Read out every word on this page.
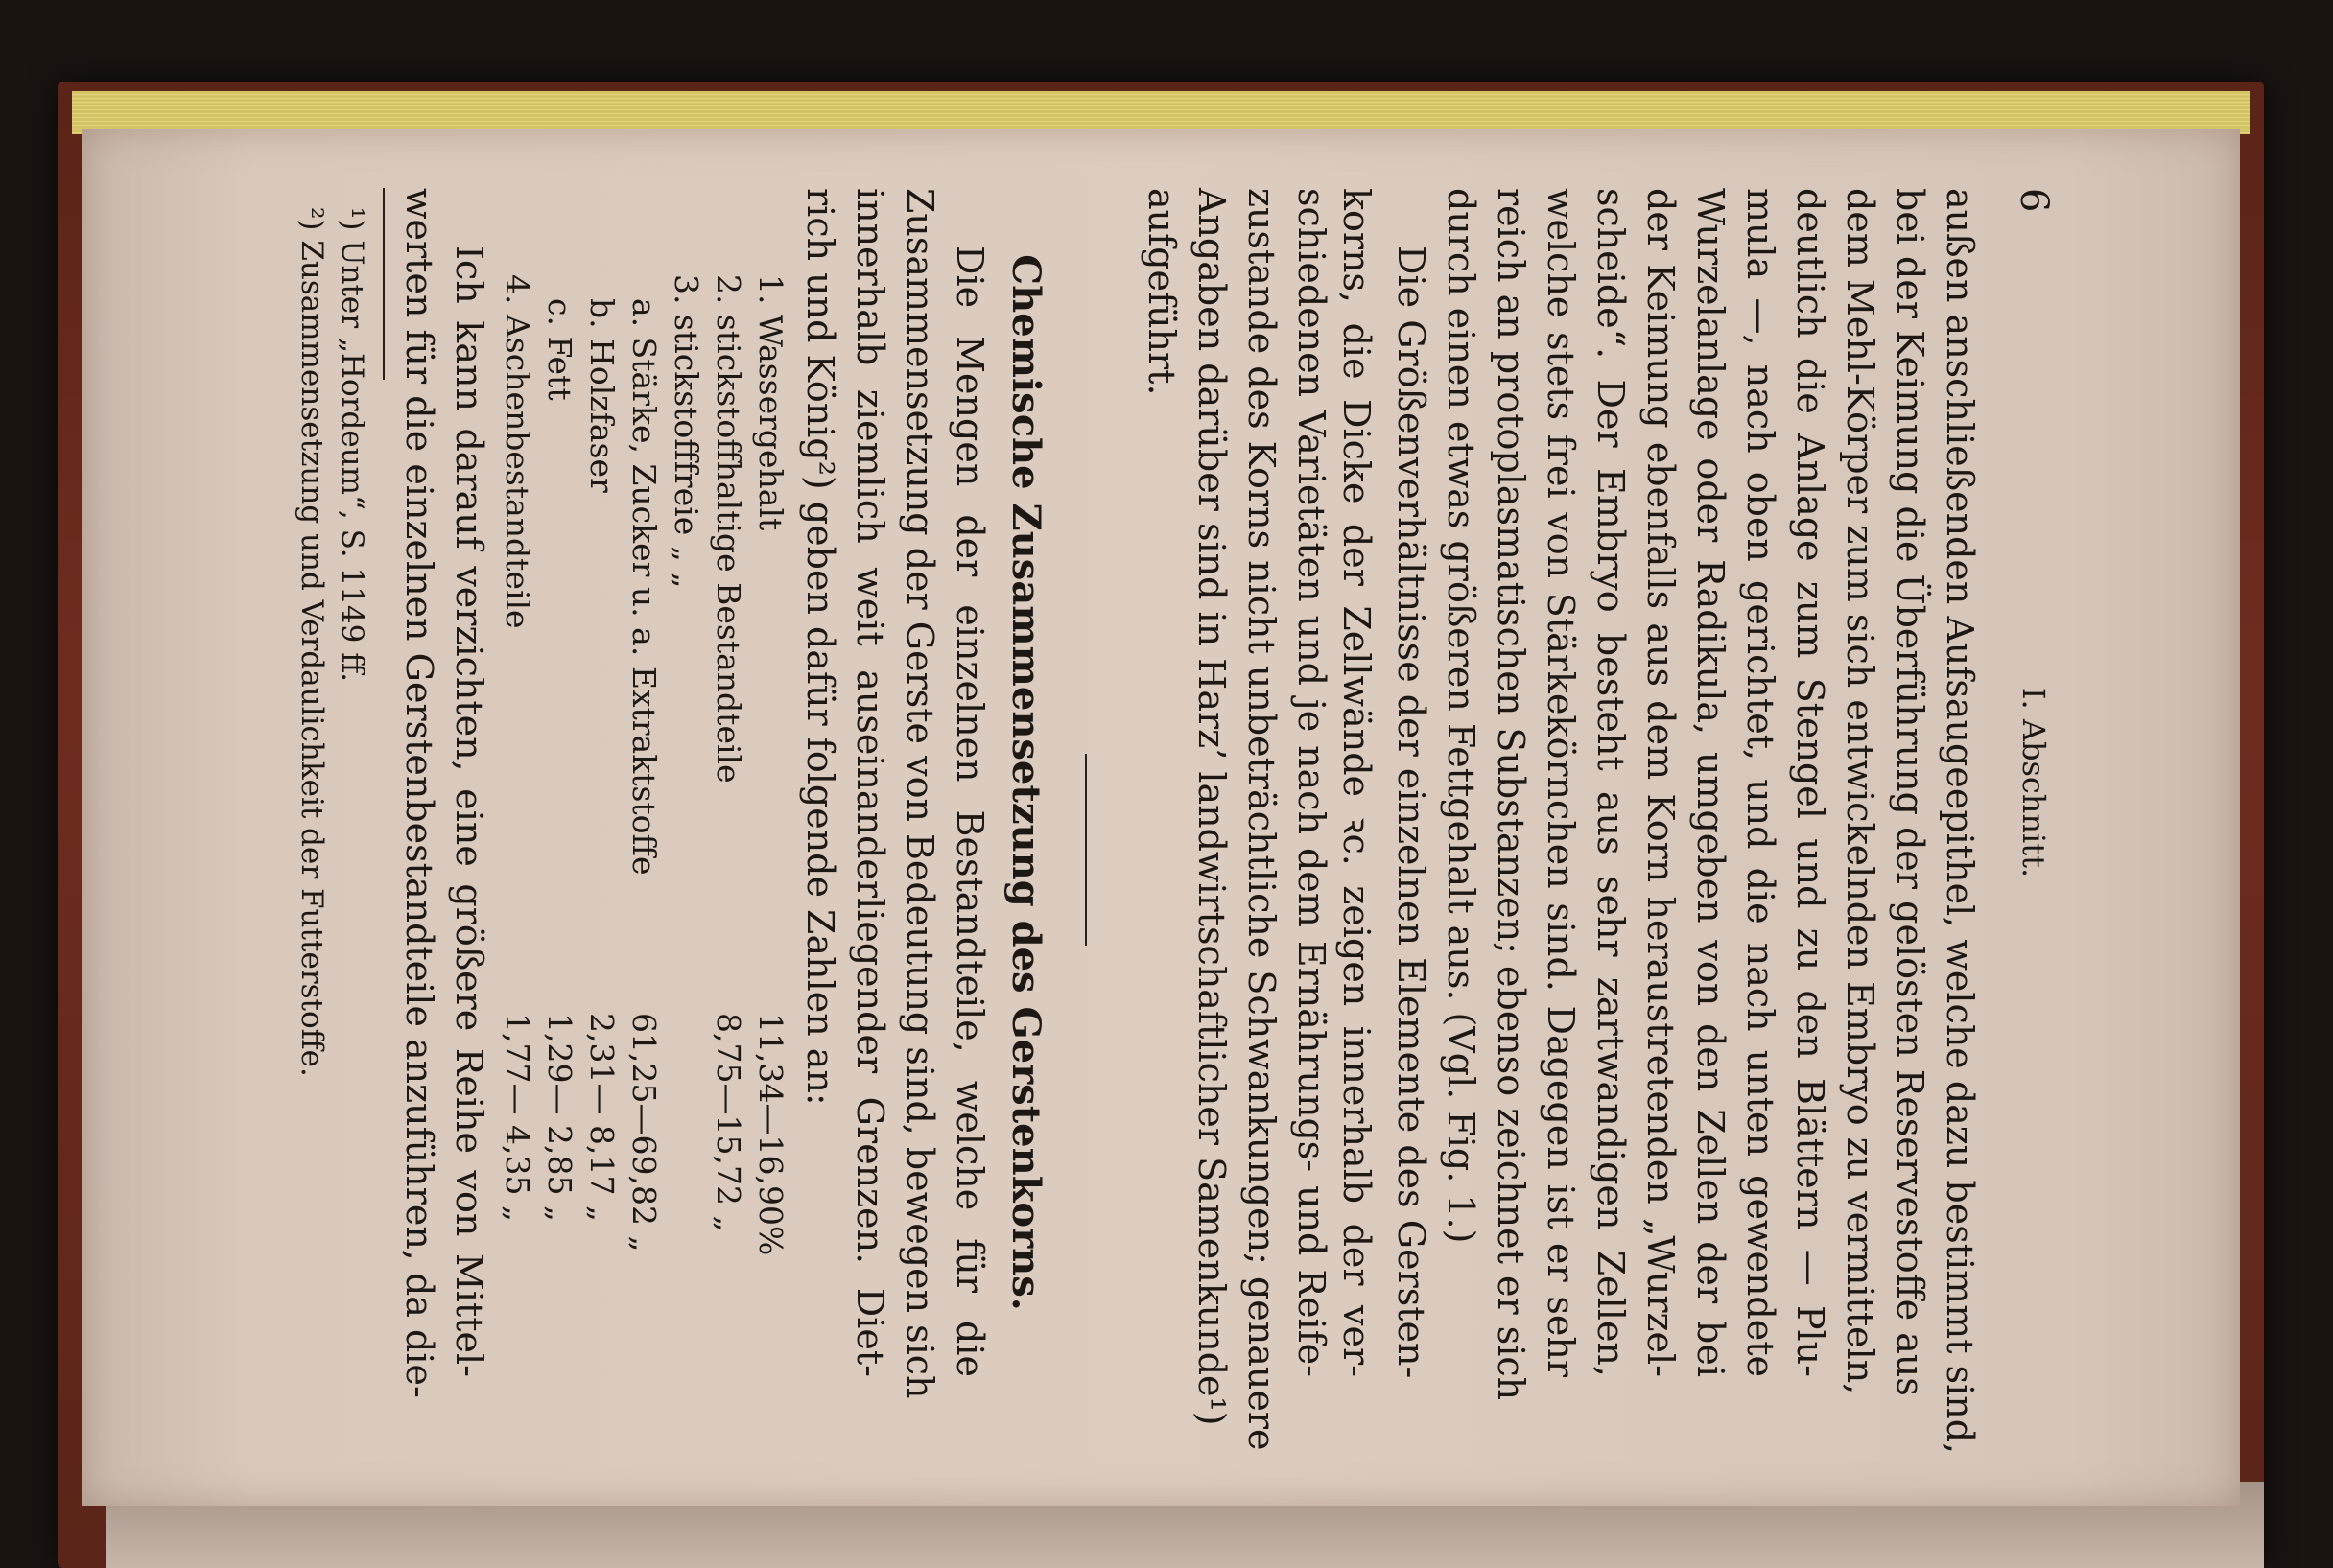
6
I. Abschnitt.
außen anschließenden Aufsaugeepithel, welche dazu bestimmt sind,
bei der Keimung die Überführung der gelösten Reservestoffe aus
dem Mehl-Körper zum sich entwickelnden Embryo zu vermitteln,
deutlich die Anlage zum Stengel und zu den Blättern — Plu-
mula —, nach oben gerichtet, und die nach unten gewendete
Wurzelanlage oder Radikula, umgeben von den Zellen der bei
der Keimung ebenfalls aus dem Korn heraustretenden „Wurzel-
scheide“. Der Embryo besteht aus sehr zartwandigen Zellen,
welche stets frei von Stärkekörnchen sind. Dagegen ist er sehr
reich an protoplasmatischen Substanzen; ebenso zeichnet er sich
durch einen etwas größeren Fettgehalt aus. (Vgl. Fig. 1.)
Die Größenverhältnisse der einzelnen Elemente des Gersten-
korns, die Dicke der Zellwände ꝛc. zeigen innerhalb der ver-
schiedenen Varietäten und je nach dem Ernährungs- und Reife-
zustande des Korns nicht unbeträchtliche Schwankungen; genauere
Angaben darüber sind in Harz’ landwirtschaftlicher Samenkunde¹)
aufgeführt.
Chemische Zusammensetzung des Gerstenkorns.
Die Mengen der einzelnen Bestandteile, welche für die
Zusammensetzung der Gerste von Bedeutung sind, bewegen sich
innerhalb ziemlich weit auseinanderliegender Grenzen. Diet-
rich und König²) geben dafür folgende Zahlen an:
1. Wassergehalt
11,34—16,90%
2. stickstoffhaltige Bestandteile
8,75—15,72 „
3. stickstofffreie „ „
a. Stärke, Zucker u. a. Extraktstoffe
61,25—69,82 „
b. Holzfaser
2,31— 8,17 „
c. Fett
1,29— 2,85 „
4. Aschenbestandteile
1,77— 4,35 „
Ich kann darauf verzichten, eine größere Reihe von Mittel-
werten für die einzelnen Gerstenbestandteile anzuführen, da die-
¹) Unter „Hordeum“, S. 1149 ff.
²) Zusammensetzung und Verdaulichkeit der Futterstoffe.
